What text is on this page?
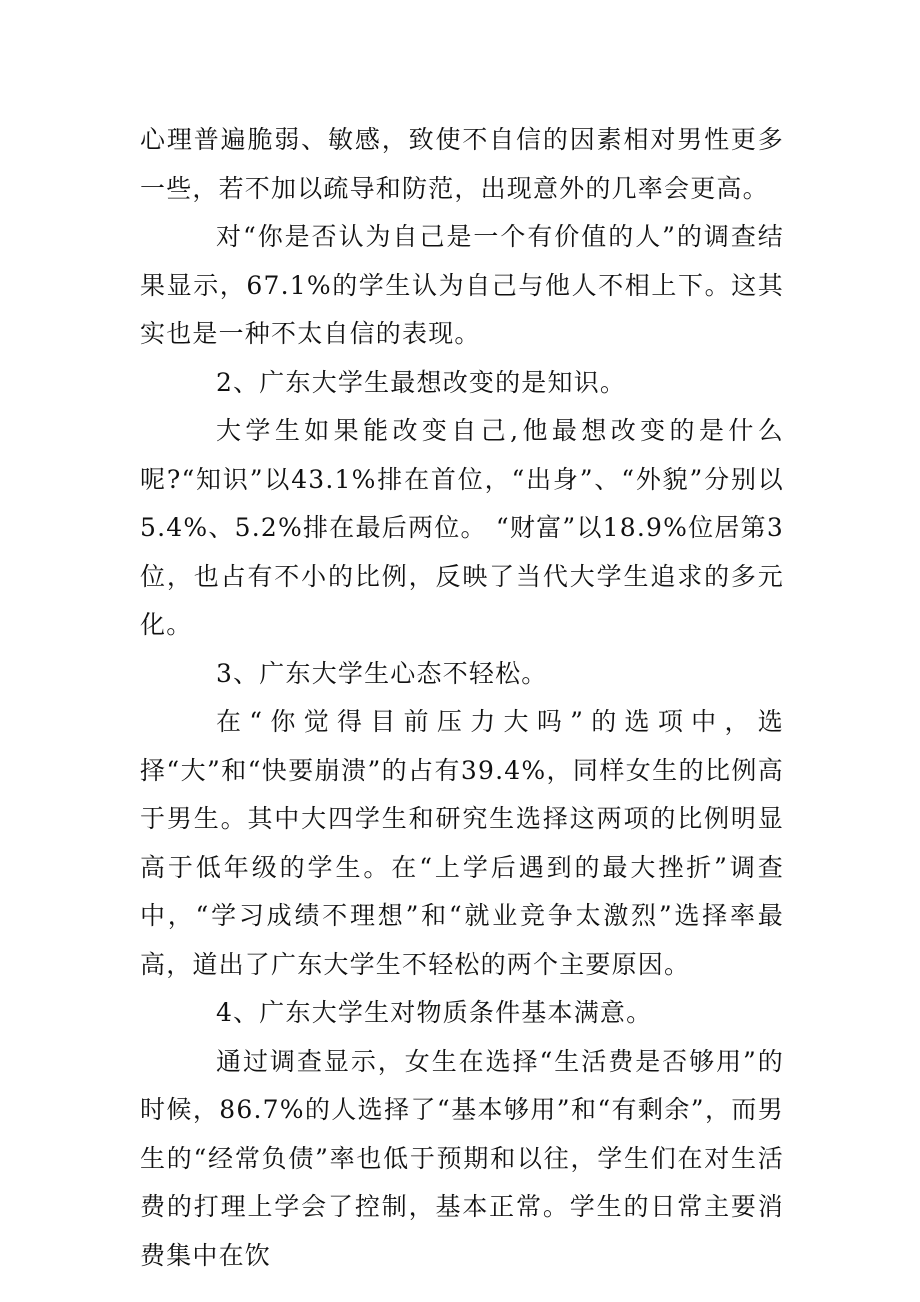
心理普遍脆弱、敏感，致使不自信的因素相对男性更多一些，若不加以疏导和防范，出现意外的几率会更高。

对“你是否认为自己是一个有价值的人”的调查结果显示，67.1%的学生认为自己与他人不相上下。这其实也是一种不太自信的表现。

2、广东大学生最想改变的是知识。

大学生如果能改变自己,他最想改变的是什么呢?“知识”以43.1%排在首位，“出身”、“外貌”分别以5.4%、5.2%排在最后两位。 “财富”以18.9%位居第3位，也占有不小的比例，反映了当代大学生追求的多元化。

3、广东大学生心态不轻松。

在“你觉得目前压力大吗”的选项中，选择“大”和“快要崩溃”的占有39.4%，同样女生的比例高于男生。其中大四学生和研究生选择这两项的比例明显高于低年级的学生。在“上学后遇到的最大挫折”调查中，“学习成绩不理想”和“就业竞争太激烈”选择率最高，道出了广东大学生不轻松的两个主要原因。

4、广东大学生对物质条件基本满意。

通过调查显示，女生在选择“生活费是否够用”的时候，86.7%的人选择了“基本够用”和“有剩余”，而男生的“经常负债”率也低于预期和以往，学生们在对生活费的打理上学会了控制，基本正常。学生的日常主要消费集中在饮
